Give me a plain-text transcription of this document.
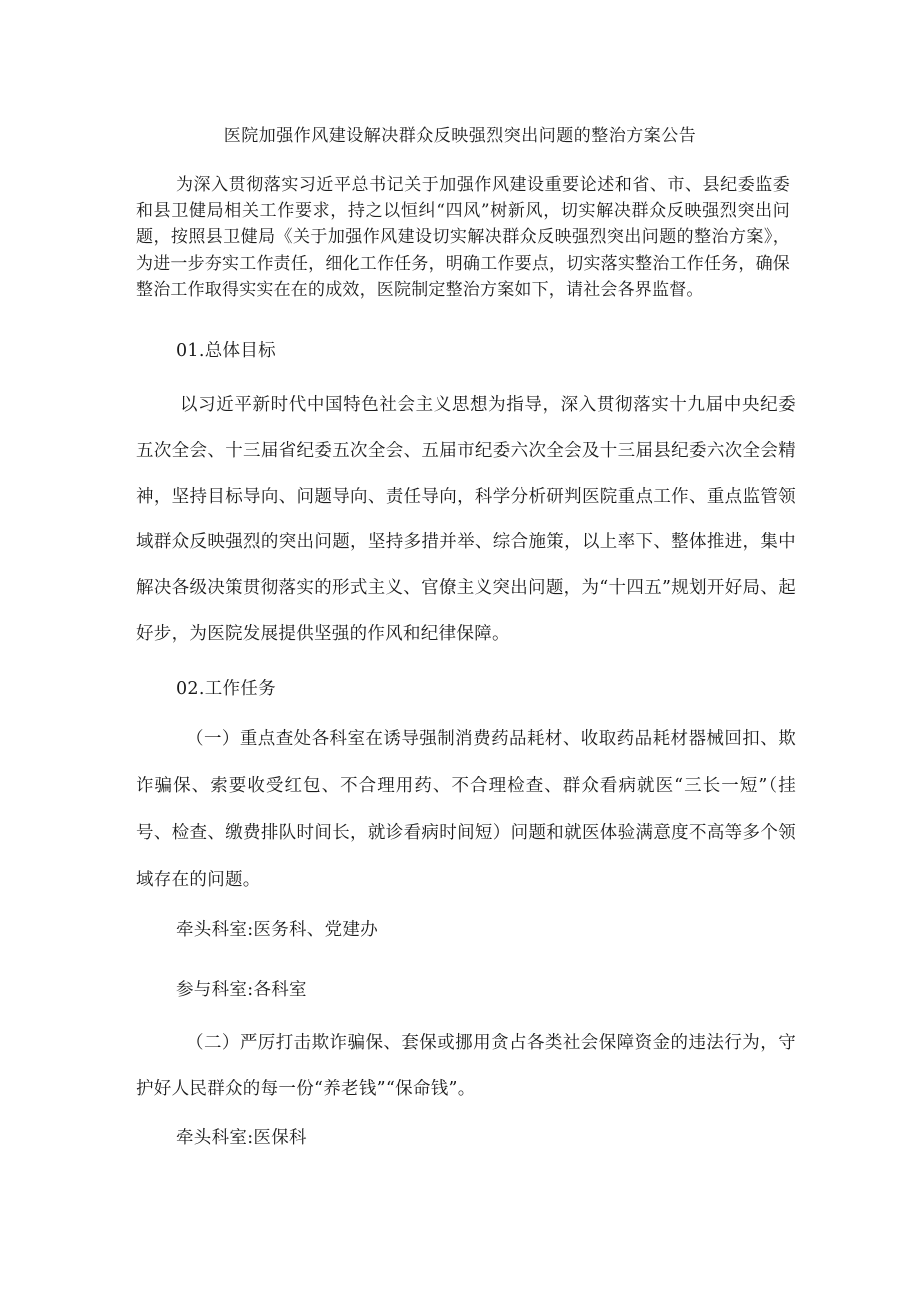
医院加强作风建设解决群众反映强烈突出问题的整治方案公告

为深入贯彻落实习近平总书记关于加强作风建设重要论述和省、市、县纪委监委和县卫健局相关工作要求，持之以恒纠“四风”树新风，切实解决群众反映强烈突出问题，按照县卫健局《关于加强作风建设切实解决群众反映强烈突出问题的整治方案》，为进一步夯实工作责任，细化工作任务，明确工作要点，切实落实整治工作任务，确保整治工作取得实实在在的成效，医院制定整治方案如下，请社会各界监督。

01.总体目标

以习近平新时代中国特色社会主义思想为指导，深入贯彻落实十九届中央纪委五次全会、十三届省纪委五次全会、五届市纪委六次全会及十三届县纪委六次全会精神，坚持目标导向、问题导向、责任导向，科学分析研判医院重点工作、重点监管领域群众反映强烈的突出问题，坚持多措并举、综合施策，以上率下、整体推进，集中解决各级决策贯彻落实的形式主义、官僚主义突出问题，为“十四五”规划开好局、起好步，为医院发展提供坚强的作风和纪律保障。

02.工作任务

（一）重点查处各科室在诱导强制消费药品耗材、收取药品耗材器械回扣、欺诈骗保、索要收受红包、不合理用药、不合理检查、群众看病就医“三长一短”（挂号、检查、缴费排队时间长，就诊看病时间短）问题和就医体验满意度不高等多个领域存在的问题。

牵头科室:医务科、党建办

参与科室:各科室

（二）严厉打击欺诈骗保、套保或挪用贪占各类社会保障资金的违法行为，守护好人民群众的每一份“养老钱”“保命钱”。

牵头科室:医保科
